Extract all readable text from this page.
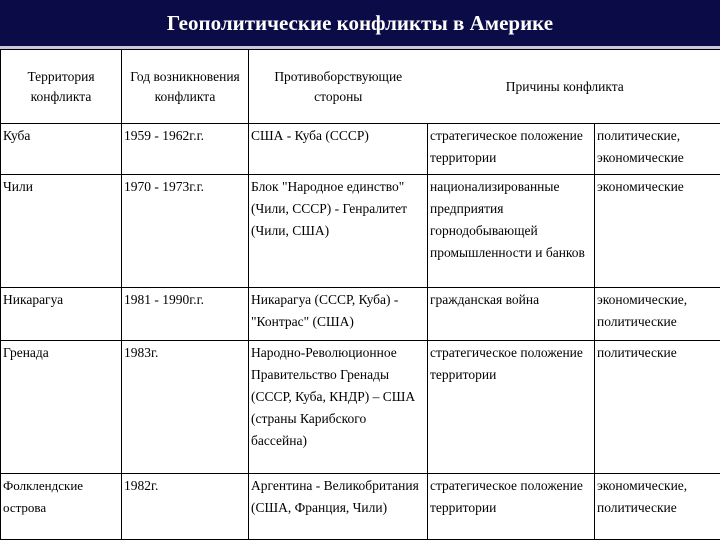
Геополитические конфликты в Америке
Территория конфликта	Год возникновения конфликта	Противоборствующие стороны	Причины конфликта	
Куба	1959 - 1962г.г.	США - Куба (СССР)	стратегическое положение территории	политические, экономические
Чили	1970 - 1973г.г.	Блок "Народное единство" (Чили, СССР) - Генралитет (Чили, США)	национализированные предприятия горнодобывающей промышленности и банков	экономические
Никарагуа	1981 - 1990г.г.	Никарагуа (СССР, Куба) - "Контрас" (США)	гражданская война	экономические, политические
Гренада	1983г.	Народно-Революционное Правительство Гренады (СССР, Куба, КНДР) – США (страны Карибского бассейна)	стратегическое положение территории	политические
Фолклендские острова	1982г.	Аргентина - Великобритания (США, Франция, Чили)	стратегическое положение территории	экономические, политические
